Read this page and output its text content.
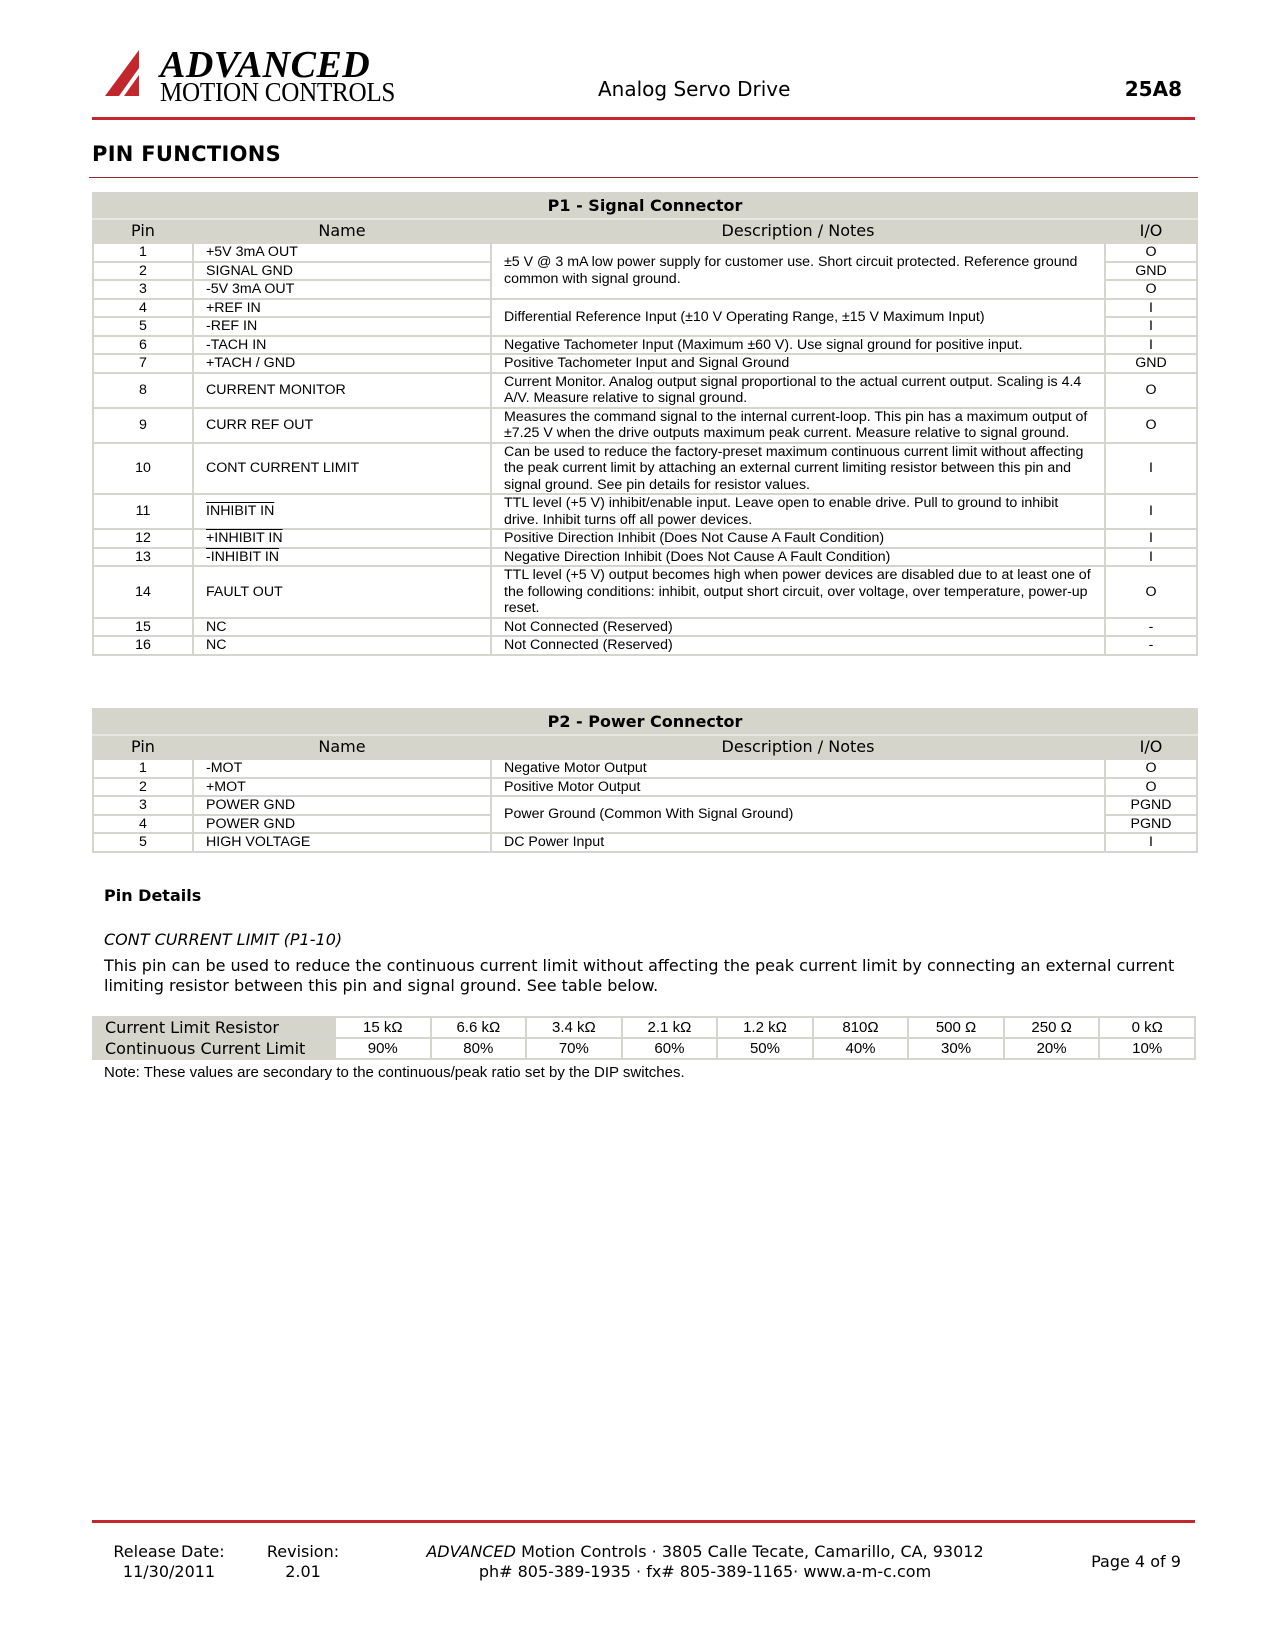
ADVANCED
MOTION CONTROLS	Analog Servo Drive	25A8
PIN FUNCTIONS
P1 - Signal Connector			
Pin	Name	Description / Notes	I/O
1	+5V 3mA OUT	±5 V @ 3 mA low power supply for customer use. Short circuit protected. Reference ground common with signal ground.	O
2	SIGNAL GND		GND
3	-5V 3mA OUT		O
4	+REF IN	Differential Reference Input (±10 V Operating Range, ±15 V Maximum Input)	I
5	-REF IN		I
6	-TACH IN	Negative Tachometer Input (Maximum ±60 V). Use signal ground for positive input.	I
7	+TACH / GND	Positive Tachometer Input and Signal Ground	GND
8	CURRENT MONITOR	Current Monitor. Analog output signal proportional to the actual current output. Scaling is 4.4 A/V. Measure relative to signal ground.	O
9	CURR REF OUT	Measures the command signal to the internal current-loop. This pin has a maximum output of ±7.25 V when the drive outputs maximum peak current. Measure relative to signal ground.	O
10	CONT CURRENT LIMIT	Can be used to reduce the factory-preset maximum continuous current limit without affecting the peak current limit by attaching an external current limiting resistor between this pin and signal ground. See pin details for resistor values.	I
11	INHIBIT IN	TTL level (+5 V) inhibit/enable input. Leave open to enable drive. Pull to ground to inhibit drive. Inhibit turns off all power devices.	I
12	+INHIBIT IN	Positive Direction Inhibit (Does Not Cause A Fault Condition)	I
13	-INHIBIT IN	Negative Direction Inhibit (Does Not Cause A Fault Condition)	I
14	FAULT OUT	TTL level (+5 V) output becomes high when power devices are disabled due to at least one of the following conditions: inhibit, output short circuit, over voltage, over temperature, power-up reset.	O
15	NC	Not Connected (Reserved)	-
16	NC	Not Connected (Reserved)	-
P2 - Power Connector			
Pin	Name	Description / Notes	I/O
1	-MOT	Negative Motor Output	O
2	+MOT	Positive Motor Output	O
3	POWER GND	Power Ground (Common With Signal Ground)	PGND
4	POWER GND		PGND
5	HIGH VOLTAGE	DC Power Input	I
Pin Details
CONT CURRENT LIMIT (P1-10)
This pin can be used to reduce the continuous current limit without affecting the peak current limit by connecting an external current limiting resistor between this pin and signal ground. See table below.
Current Limit Resistor	15 kΩ	6.6 kΩ	3.4 kΩ	2.1 kΩ	1.2 kΩ	810Ω	500 Ω	250 Ω	0 kΩ
Continuous Current Limit	90%	80%	70%	60%	50%	40%	30%	20%	10%
Note: These values are secondary to the continuous/peak ratio set by the DIP switches.
Release Date:
11/30/2011
Revision:
2.01
ADVANCED Motion Controls · 3805 Calle Tecate, Camarillo, CA, 93012
ph# 805-389-1935 · fx# 805-389-1165· www.a-m-c.com
Page 4 of 9
